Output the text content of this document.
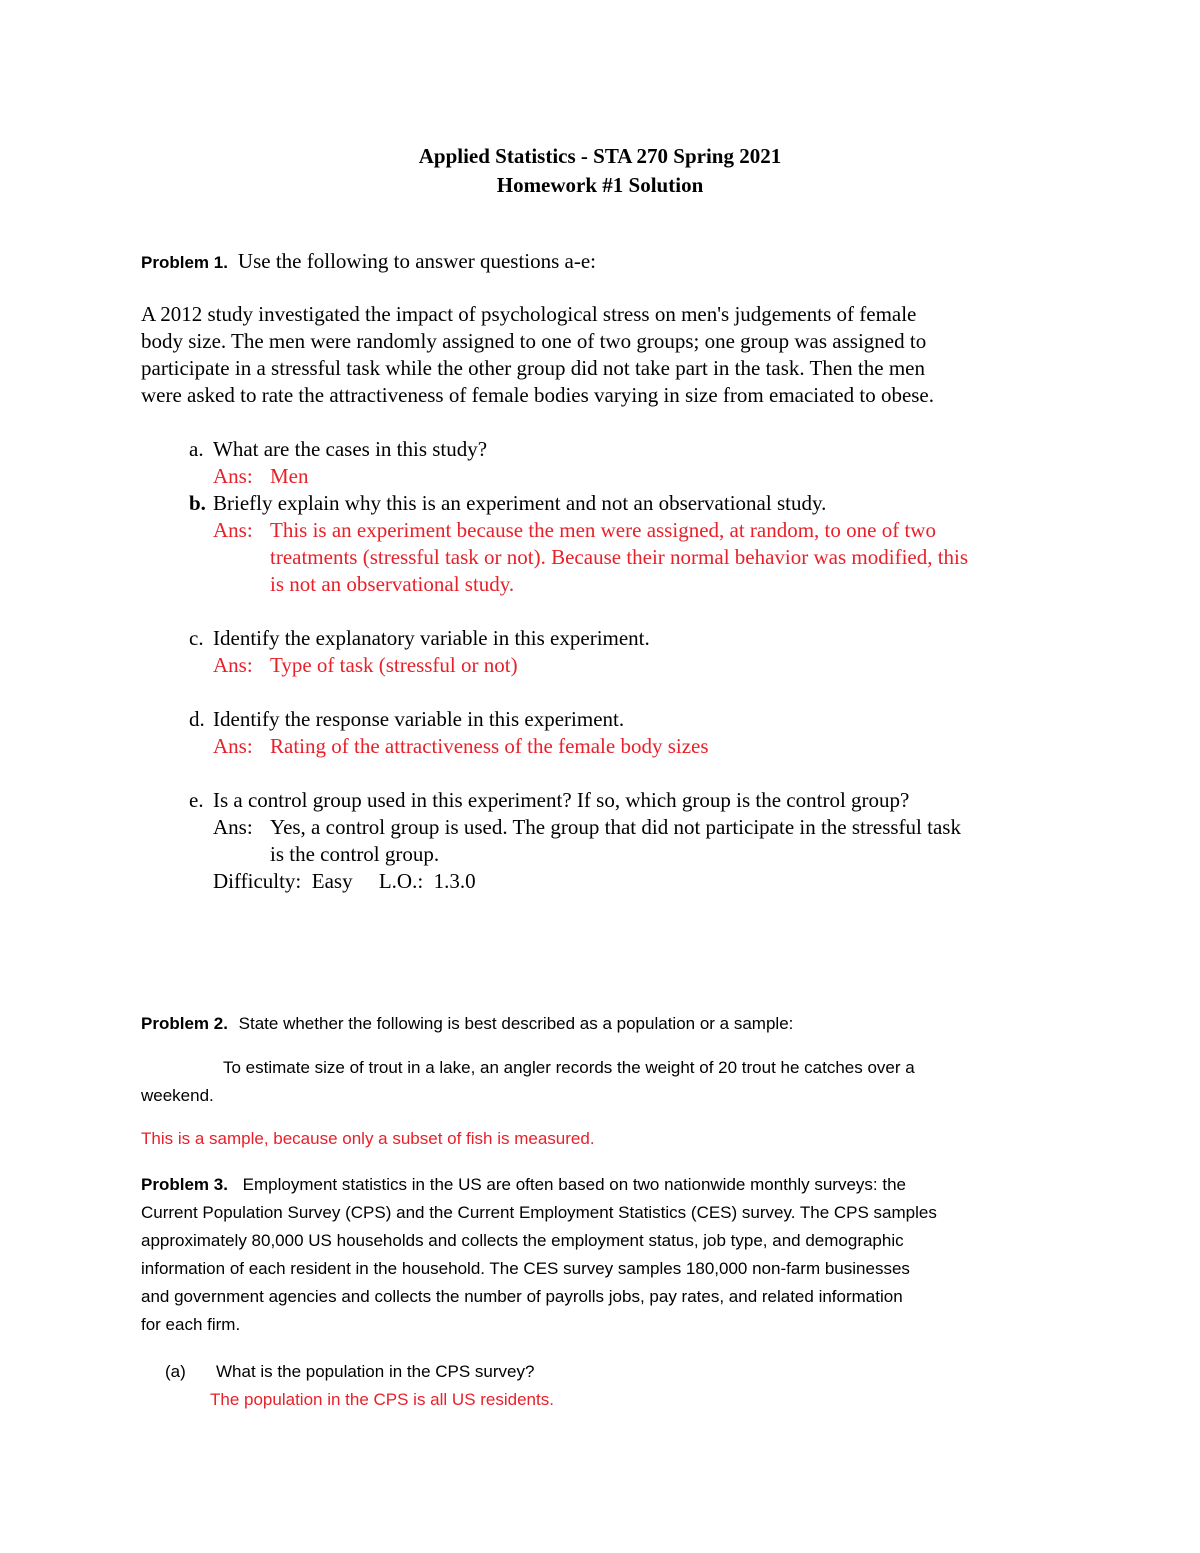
Applied Statistics - STA 270 Spring 2021
Homework #1 Solution
Problem 1. Use the following to answer questions a-e:
A 2012 study investigated the impact of psychological stress on men's judgements of female
body size. The men were randomly assigned to one of two groups; one group was assigned to
participate in a stressful task while the other group did not take part in the task. Then the men
were asked to rate the attractiveness of female bodies varying in size from emaciated to obese.
a. What are the cases in this study?
Ans: Men
b. Briefly explain why this is an experiment and not an observational study.
Ans: This is an experiment because the men were assigned, at random, to one of two
treatments (stressful task or not). Because their normal behavior was modified, this
is not an observational study.
c. Identify the explanatory variable in this experiment.
Ans: Type of task (stressful or not)
d. Identify the response variable in this experiment.
Ans: Rating of the attractiveness of the female body sizes
e. Is a control group used in this experiment? If so, which group is the control group?
Ans: Yes, a control group is used. The group that did not participate in the stressful task
is the control group.
Difficulty:  Easy     L.O.:  1.3.0
Problem 2. State whether the following is best described as a population or a sample:
To estimate size of trout in a lake, an angler records the weight of 20 trout he catches over a
weekend.
This is a sample, because only a subset of fish is measured.
Problem 3. Employment statistics in the US are often based on two nationwide monthly surveys: the
Current Population Survey (CPS) and the Current Employment Statistics (CES) survey. The CPS samples
approximately 80,000 US households and collects the employment status, job type, and demographic
information of each resident in the household. The CES survey samples 180,000 non-farm businesses
and government agencies and collects the number of payrolls jobs, pay rates, and related information
for each firm.
(a) What is the population in the CPS survey?
The population in the CPS is all US residents.
